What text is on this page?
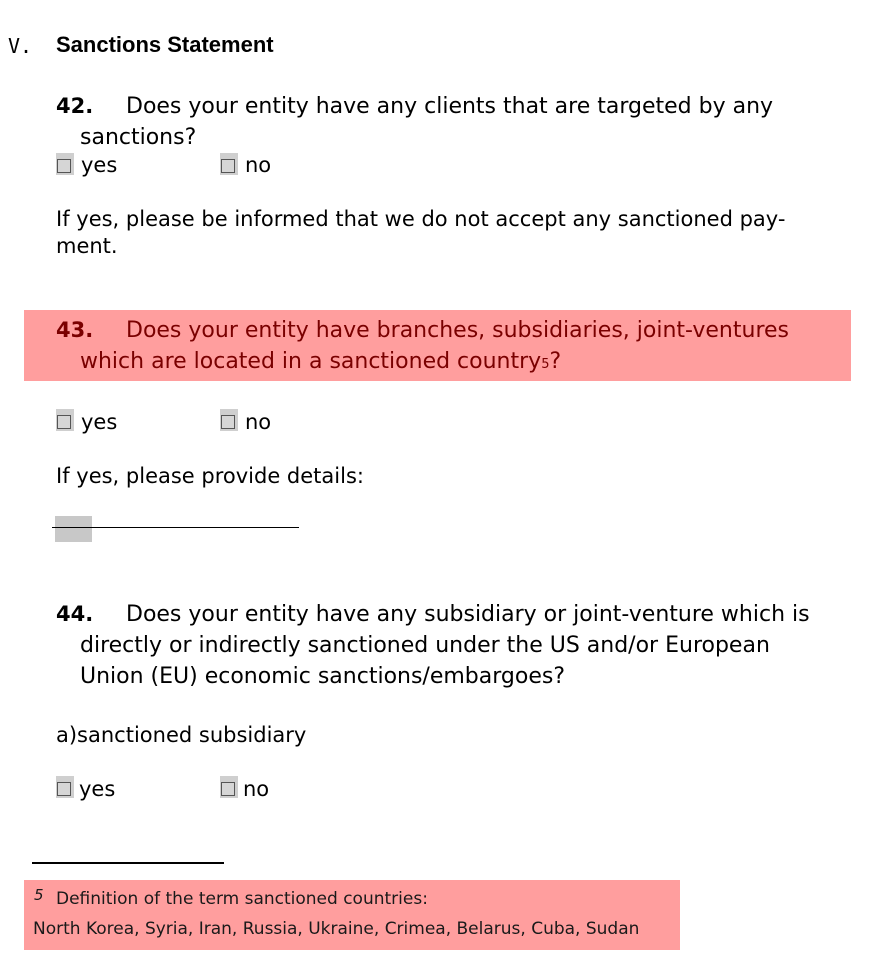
V. Sanctions Statement
42. Does your entity have any clients that are targeted by any
sanctions?
yes	no
If yes, please be informed that we do not accept any sanctioned pay-
ment.
43. Does your entity have branches, subsidiaries, joint-ventures
which are located in a sanctioned country5?
yes	no
If yes, please provide details:
44. Does your entity have any subsidiary or joint-venture which is
directly or indirectly sanctioned under the US and/or European
Union (EU) economic sanctions/embargoes?
a)sanctioned subsidiary
yes	no
5 Definition of the term sanctioned countries:
North Korea, Syria, Iran, Russia, Ukraine, Crimea, Belarus, Cuba, Sudan
